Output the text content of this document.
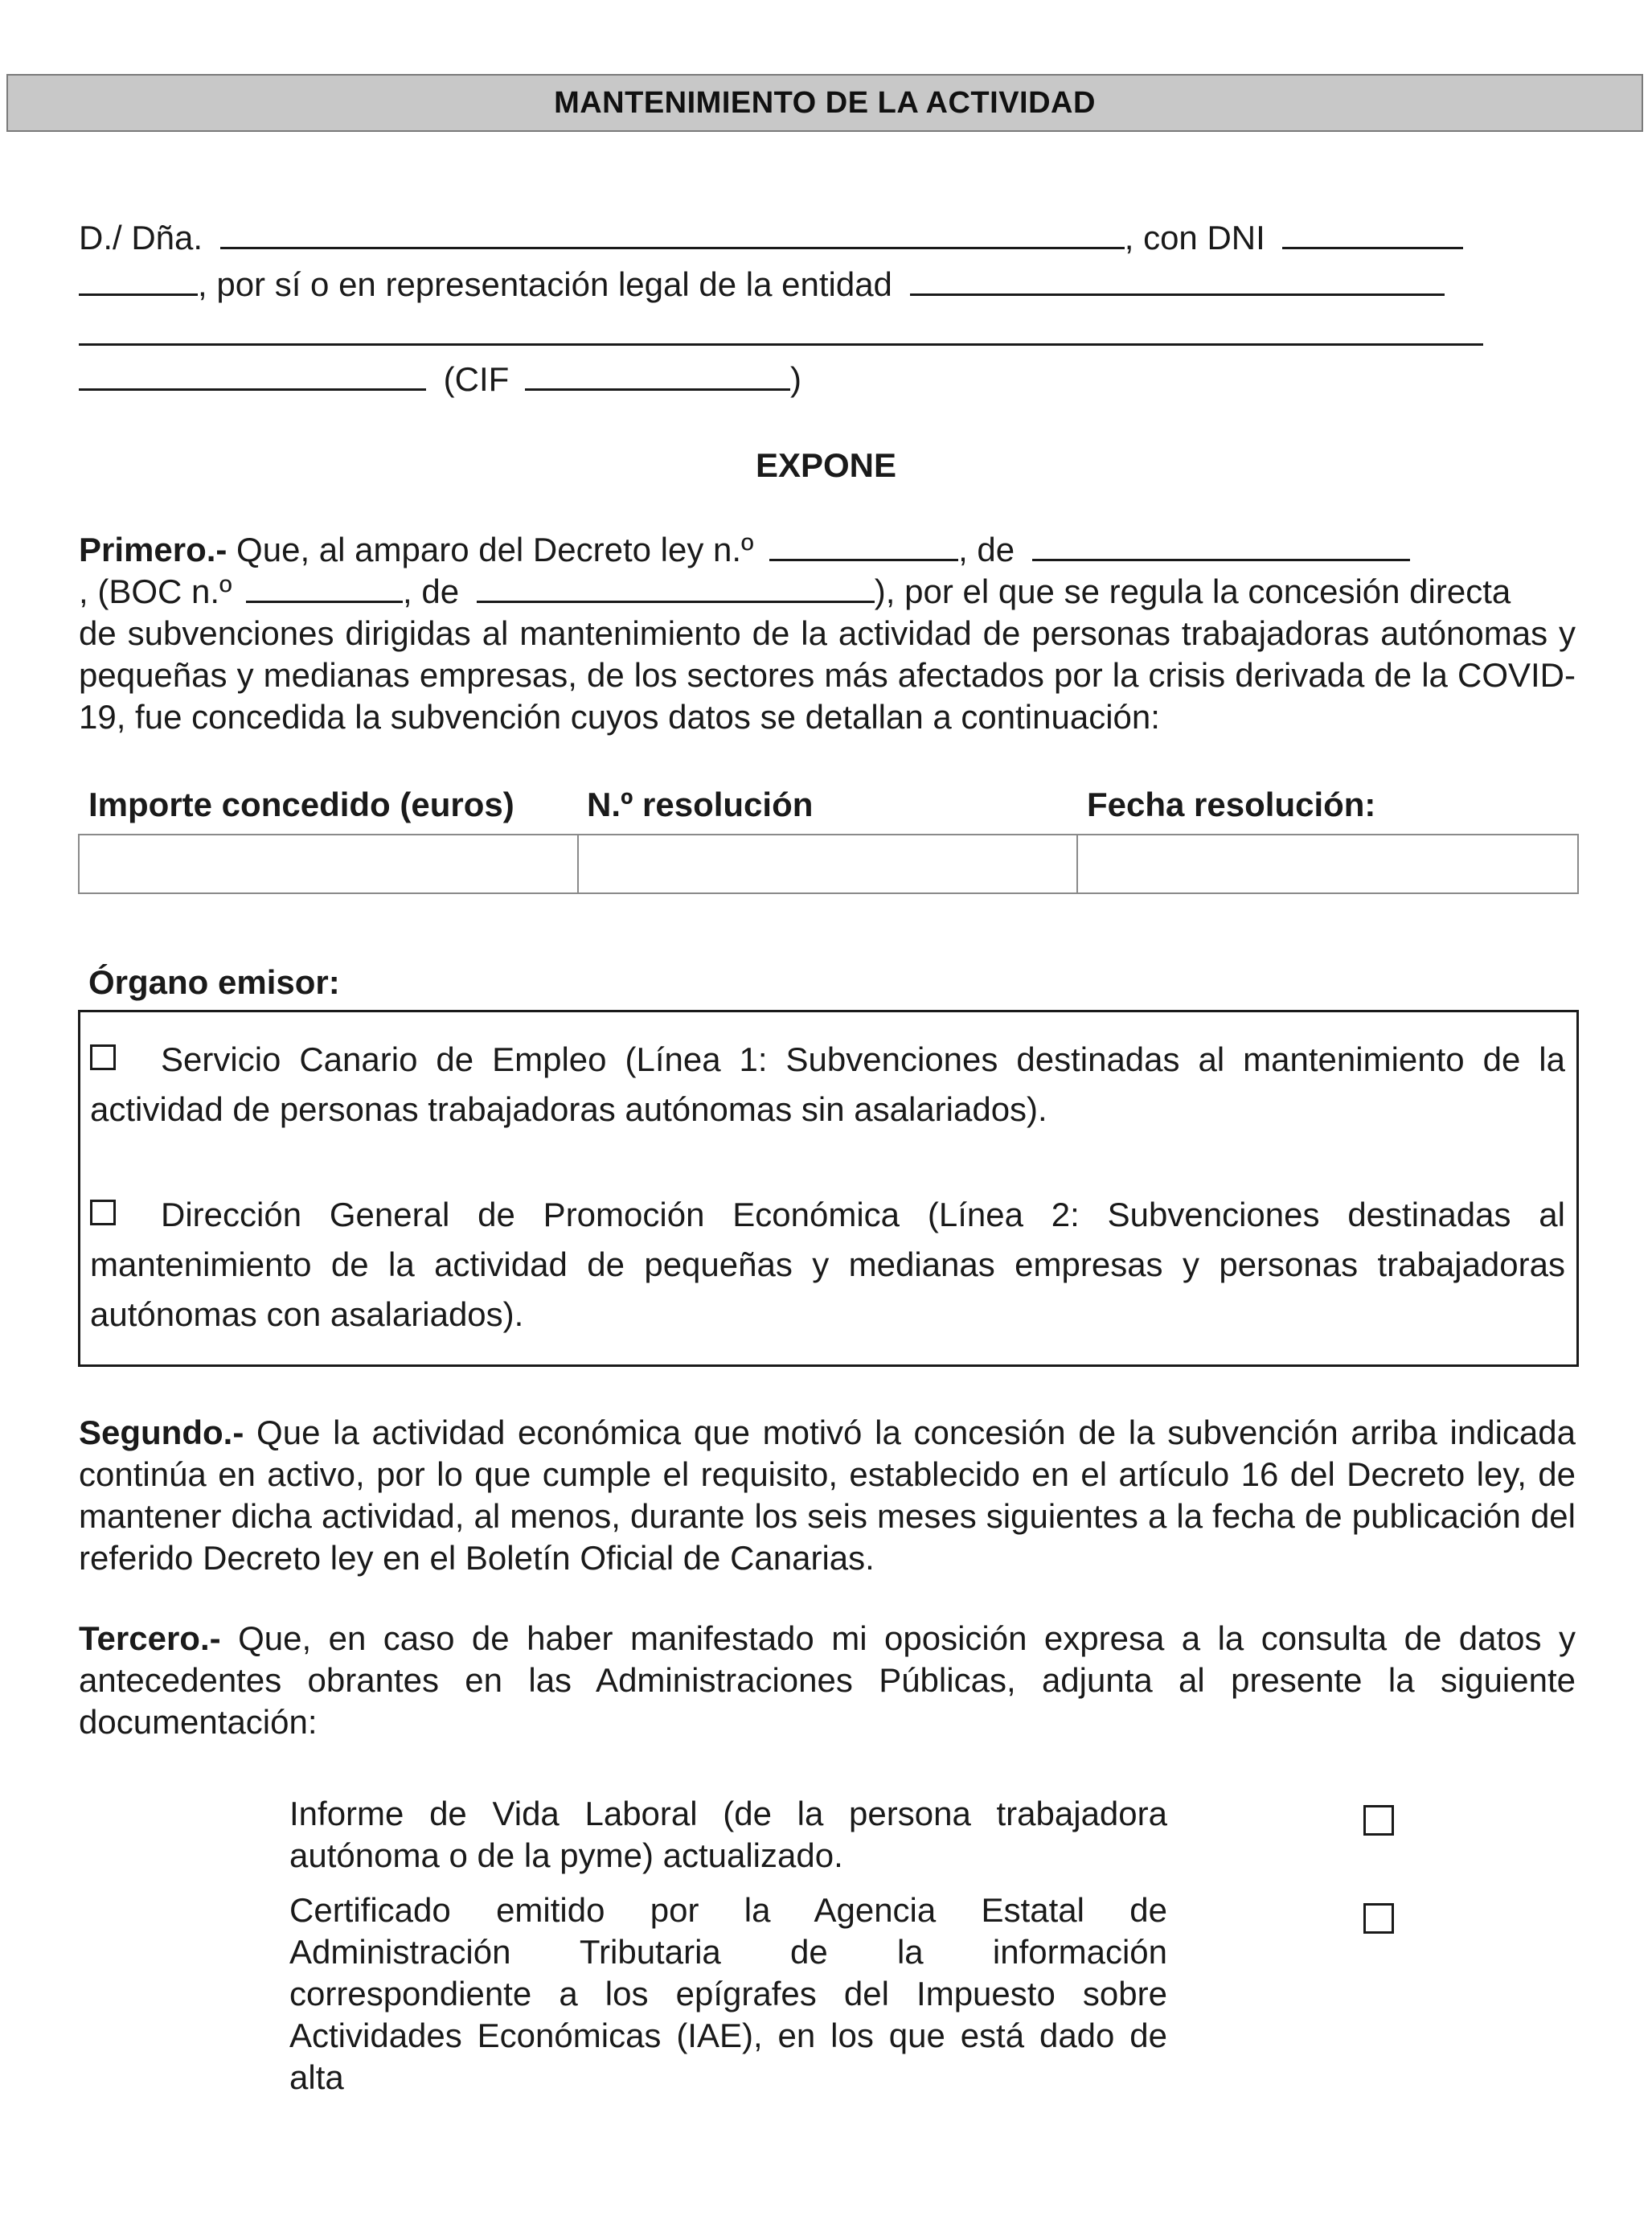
MANTENIMIENTO DE LA ACTIVIDAD
D./ Dña.	, con DNI
, por sí o en representación legal de la entidad
(CIF	)
EXPONE
Primero.- Que, al amparo del Decreto ley n.º	, de
, (BOC n.º	, de	), por el que se regula la concesión directa
de subvenciones dirigidas al mantenimiento de la actividad de personas trabajadoras autónomas y pequeñas y medianas empresas, de los sectores más afectados por la crisis derivada de la COVID-19, fue concedida la subvención cuyos datos se detallan a continuación:
Importe concedido (euros) N.º resolución	Fecha resolución:
Órgano emisor:
Servicio Canario de Empleo (Línea 1: Subvenciones destinadas al mantenimiento de la actividad de personas trabajadoras autónomas sin asalariados).
Dirección General de Promoción Económica (Línea 2: Subvenciones destinadas al mantenimiento de la actividad de pequeñas y medianas empresas y personas trabajadoras autónomas con asalariados).
Segundo.- Que la actividad económica que motivó la concesión de la subvención arriba indicada continúa en activo, por lo que cumple el requisito, establecido en el artículo 16 del Decreto ley, de mantener dicha actividad, al menos, durante los seis meses siguientes a la fecha de publicación del referido Decreto ley en el Boletín Oficial de Canarias.
Tercero.- Que, en caso de haber manifestado mi oposición expresa a la consulta de datos y antecedentes obrantes en las Administraciones Públicas, adjunta al presente la siguiente documentación:
Informe de Vida Laboral (de la persona trabajadora autónoma o de la pyme) actualizado.
Certificado emitido por la Agencia Estatal de Administración Tributaria de la información correspondiente a los epígrafes del Impuesto sobre Actividades Económicas (IAE), en los que está dado de alta
